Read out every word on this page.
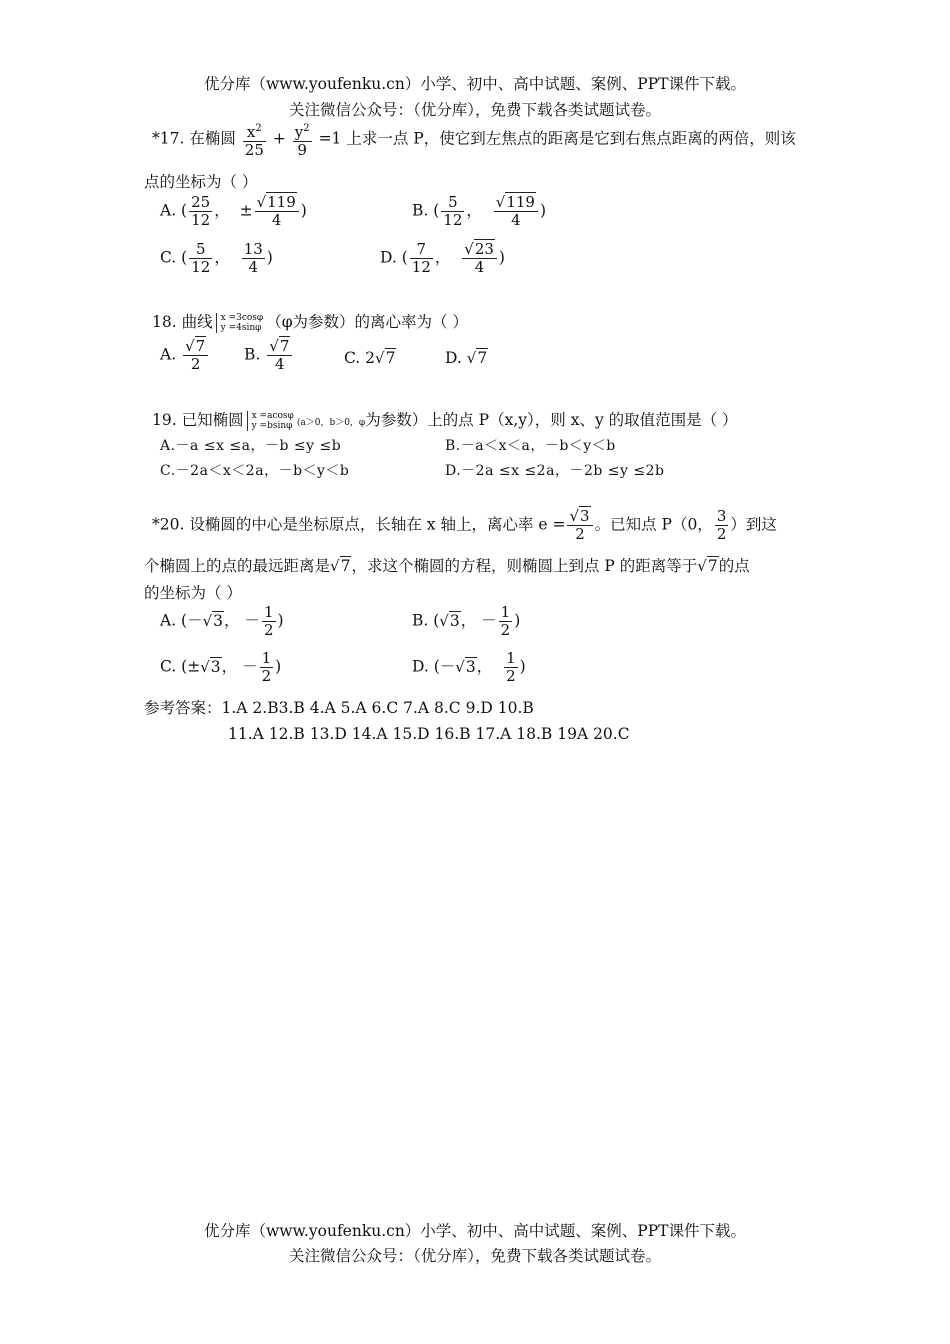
优分库（www.youfenku.cn）小学、初中、高中试题、案例、PPT课件下载。
关注微信公众号：（优分库），免费下载各类试题试卷。
*17. 在椭圆 $\frac{x^2}{25} + \frac{y^2}{9} =1$ 上求一点 P，使它到左焦点的距离是它到右焦点距离的两倍，则该
点的坐标为（ ）
A. ( $\frac{25}{12}$ ， ± $\frac{√119}{4}$ )	B. ( $\frac{5}{12}$ ， $\frac{√119}{4}$ )
C. ( $\frac{5}{12}$ ， $\frac{13}{4}$ )	D. ( $\frac{7}{12}$ ， $\frac{√23}{4}$ )
18. 曲线 x =3cosφ
y =4sinφ （φ为参数）的离心率为（ ）
A. $\frac{√7}{2} B$. $\frac{√7}{4}$	C. 2√7	D. √7
19. 已知椭圆 x =acosφ
y =bsinφ (a＞0，b＞0，φ为参数）上的点 P（x,y），则 x、y 的取值范围是（ ）
A.－a ≤x ≤a，－b ≤y ≤b	B.－a＜x＜a，－b＜y＜b
C.－2a＜x＜2a，－b＜y＜b	D.－2a ≤x ≤2a，－2b ≤y ≤2b
*20. 设椭圆的中心是坐标原点，长轴在 x 轴上，离心率 $e = \frac{√3}{2}$ 。已知点 P（0， $\frac{3}{2}$ ）到这
个椭圆上的点的最远距离是√7，求这个椭圆的方程，则椭圆上到点 P 的距离等于√7的点
的坐标为（ ）
A. (－√3， － $\frac{1}{2}$ )	B. (√3， － $\frac{1}{2}$ )
C. (±√3， － $\frac{1}{2}$ )	D. (－√3， $\frac{1}{2}$ )
参考答案：1.A 2.B3.B 4.A 5.A 6.C 7.A 8.C 9.D 10.B
11.A 12.B 13.D 14.A 15.D 16.B 17.A 18.B 19A 20.C
优分库（www.youfenku.cn）小学、初中、高中试题、案例、PPT课件下载。
关注微信公众号：（优分库），免费下载各类试题试卷。
